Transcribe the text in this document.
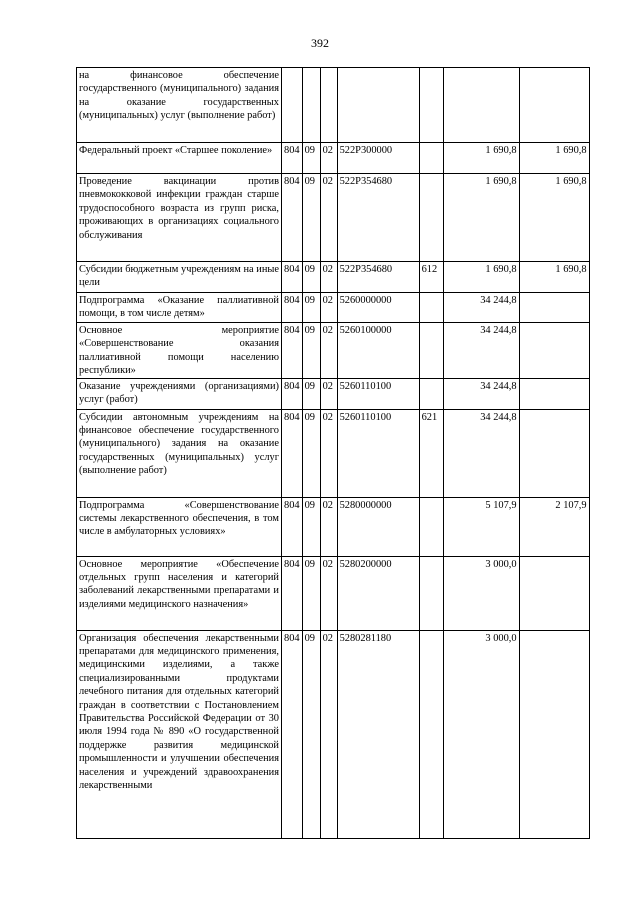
392
на финансовое обеспечение государственного (муниципального) задания на оказание государственных (муниципальных) услуг (выполнение работ)							
Федеральный проект «Старшее поколение»	804	09	02	522P300000		1 690,8	1 690,8
Проведение вакцинации против пневмококковой инфекции граждан старше трудоспособного возраста из групп риска, проживающих в организациях социального обслуживания	804	09	02	522P354680		1 690,8	1 690,8
Субсидии бюджетным учреждениям на иные цели	804	09	02	522P354680	612	1 690,8	1 690,8
Подпрограмма «Оказание паллиативной помощи, в том числе детям»	804	09	02	5260000000		34 244,8	
Основное мероприятие «Совершенствование оказания паллиативной помощи населению республики»	804	09	02	5260100000		34 244,8	
Оказание учреждениями (организациями) услуг (работ)	804	09	02	5260110100		34 244,8	
Субсидии автономным учреждениям на финансовое обеспечение государственного (муниципального) задания на оказание государственных (муниципальных) услуг (выполнение работ)	804	09	02	5260110100	621	34 244,8	
Подпрограмма «Совершенствование системы лекарственного обеспечения, в том числе в амбулаторных условиях»	804	09	02	5280000000		5 107,9	2 107,9
Основное мероприятие «Обеспечение отдельных групп населения и категорий заболеваний лекарственными препаратами и изделиями медицинского назначения»	804	09	02	5280200000		3 000,0	
Организация обеспечения лекарственными препаратами для медицинского применения, медицинскими изделиями, а также специализированными продуктами лечебного питания для отдельных категорий граждан в соответствии с Постановлением Правительства Российской Федерации от 30 июля 1994 года № 890 «О государственной поддержке развития медицинской промышленности и улучшении обеспечения населения и учреждений здравоохранения лекарственными	804	09	02	5280281180		3 000,0	
